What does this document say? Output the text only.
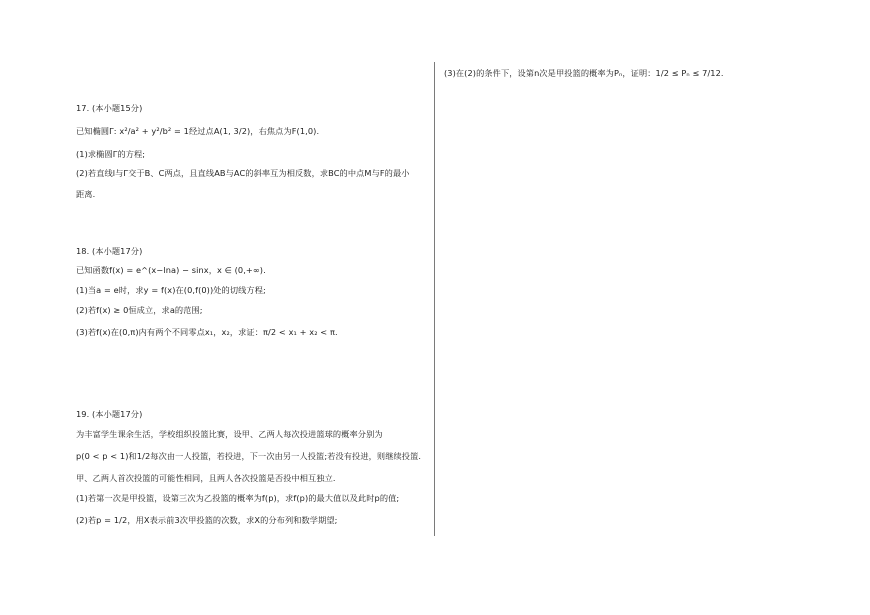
17. (本小题15分)
已知椭圆Γ: x²/a² + y²/b² = 1经过点A(1, 3/2)，右焦点为F(1,0).
(1)求椭圆Γ的方程;
(2)若直线l与Γ交于B、C两点，且直线AB与AC的斜率互为相反数，求BC的中点M与F的最小
距离.
18. (本小题17分)
已知函数f(x) = e^(x−lna) − sinx，x ∈ (0,+∞).
(1)当a = e时，求y = f(x)在(0,f(0))处的切线方程;
(2)若f(x) ≥ 0恒成立，求a的范围;
(3)若f(x)在(0,π)内有两个不同零点x₁，x₂，求证：π/2 < x₁ + x₂ < π.
19. (本小题17分)
为丰富学生课余生活，学校组织投篮比赛，设甲、乙两人每次投进篮球的概率分别为
p(0 < p < 1)和1/2每次由一人投篮，若投进，下一次由另一人投篮;若没有投进，则继续投篮.
甲、乙两人首次投篮的可能性相同，且两人各次投篮是否投中相互独立.
(1)若第一次是甲投篮，设第三次为乙投篮的概率为f(p)，求f(p)的最大值以及此时p的值;
(2)若p = 1/2，用X表示前3次甲投篮的次数，求X的分布列和数学期望;
(3)在(2)的条件下，设第n次是甲投篮的概率为Pₙ，证明：1/2 ≤ Pₙ ≤ 7/12.
